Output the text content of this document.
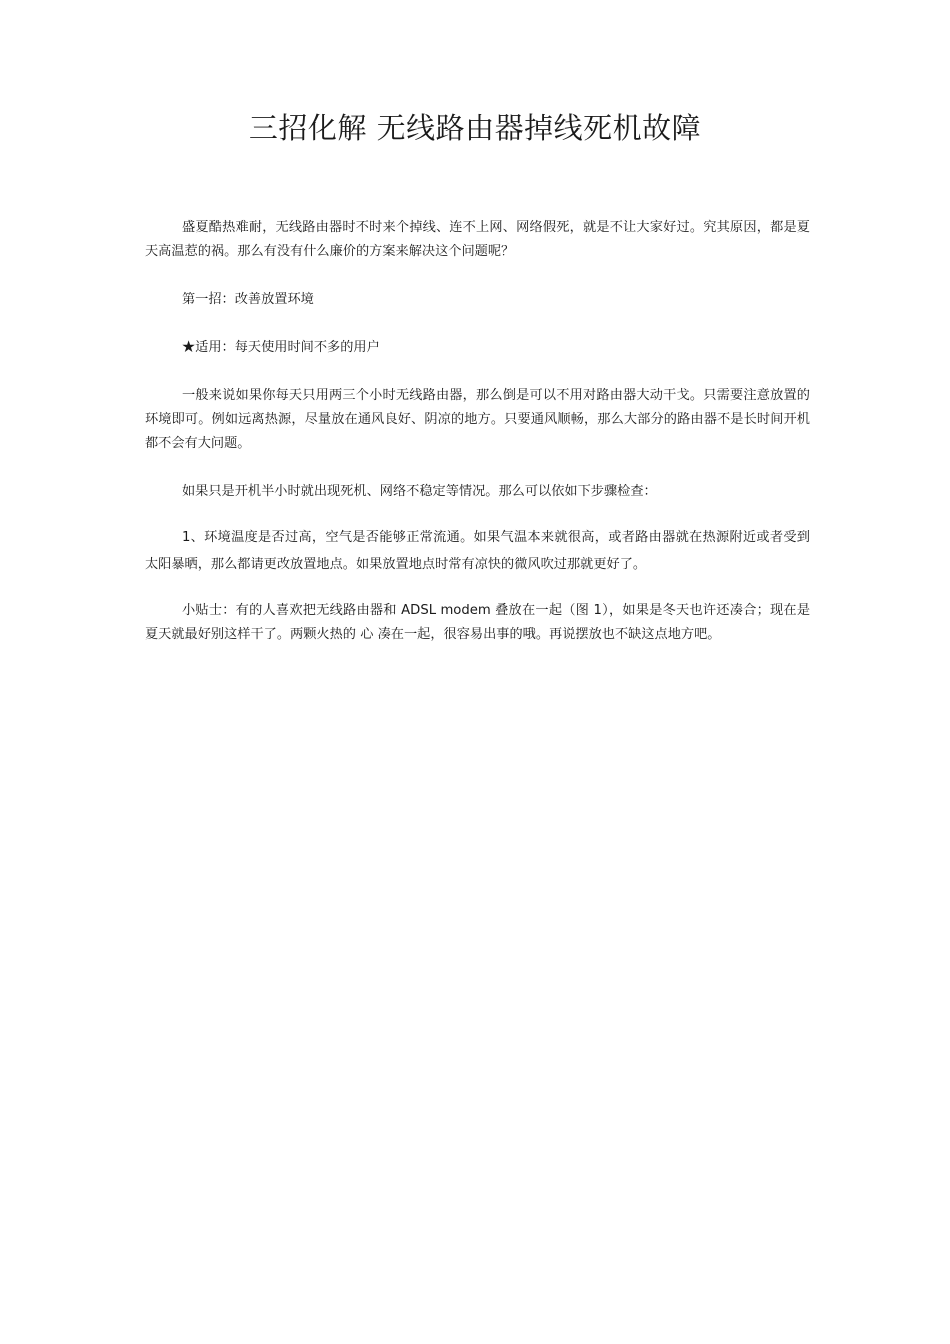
三招化解 无线路由器掉线死机故障

盛夏酷热难耐，无线路由器时不时来个掉线、连不上网、网络假死，就是不让大家好过。究其原因，都是夏天高温惹的祸。那么有没有什么廉价的方案来解决这个问题呢？

第一招：改善放置环境

★适用：每天使用时间不多的用户

一般来说如果你每天只用两三个小时无线路由器，那么倒是可以不用对路由器大动干戈。只需要注意放置的环境即可。例如远离热源，尽量放在通风良好、阴凉的地方。只要通风顺畅，那么大部分的路由器不是长时间开机都不会有大问题。

如果只是开机半小时就出现死机、网络不稳定等情况。那么可以依如下步骤检查：

1、环境温度是否过高，空气是否能够正常流通。如果气温本来就很高，或者路由器就在热源附近或者受到太阳暴晒，那么都请更改放置地点。如果放置地点时常有凉快的微风吹过那就更好了。

小贴士：有的人喜欢把无线路由器和 ADSL modem 叠放在一起（图 1），如果是冬天也许还凑合；现在是夏天就最好别这样干了。两颗火热的 心 凑在一起，很容易出事的哦。再说摆放也不缺这点地方吧。
